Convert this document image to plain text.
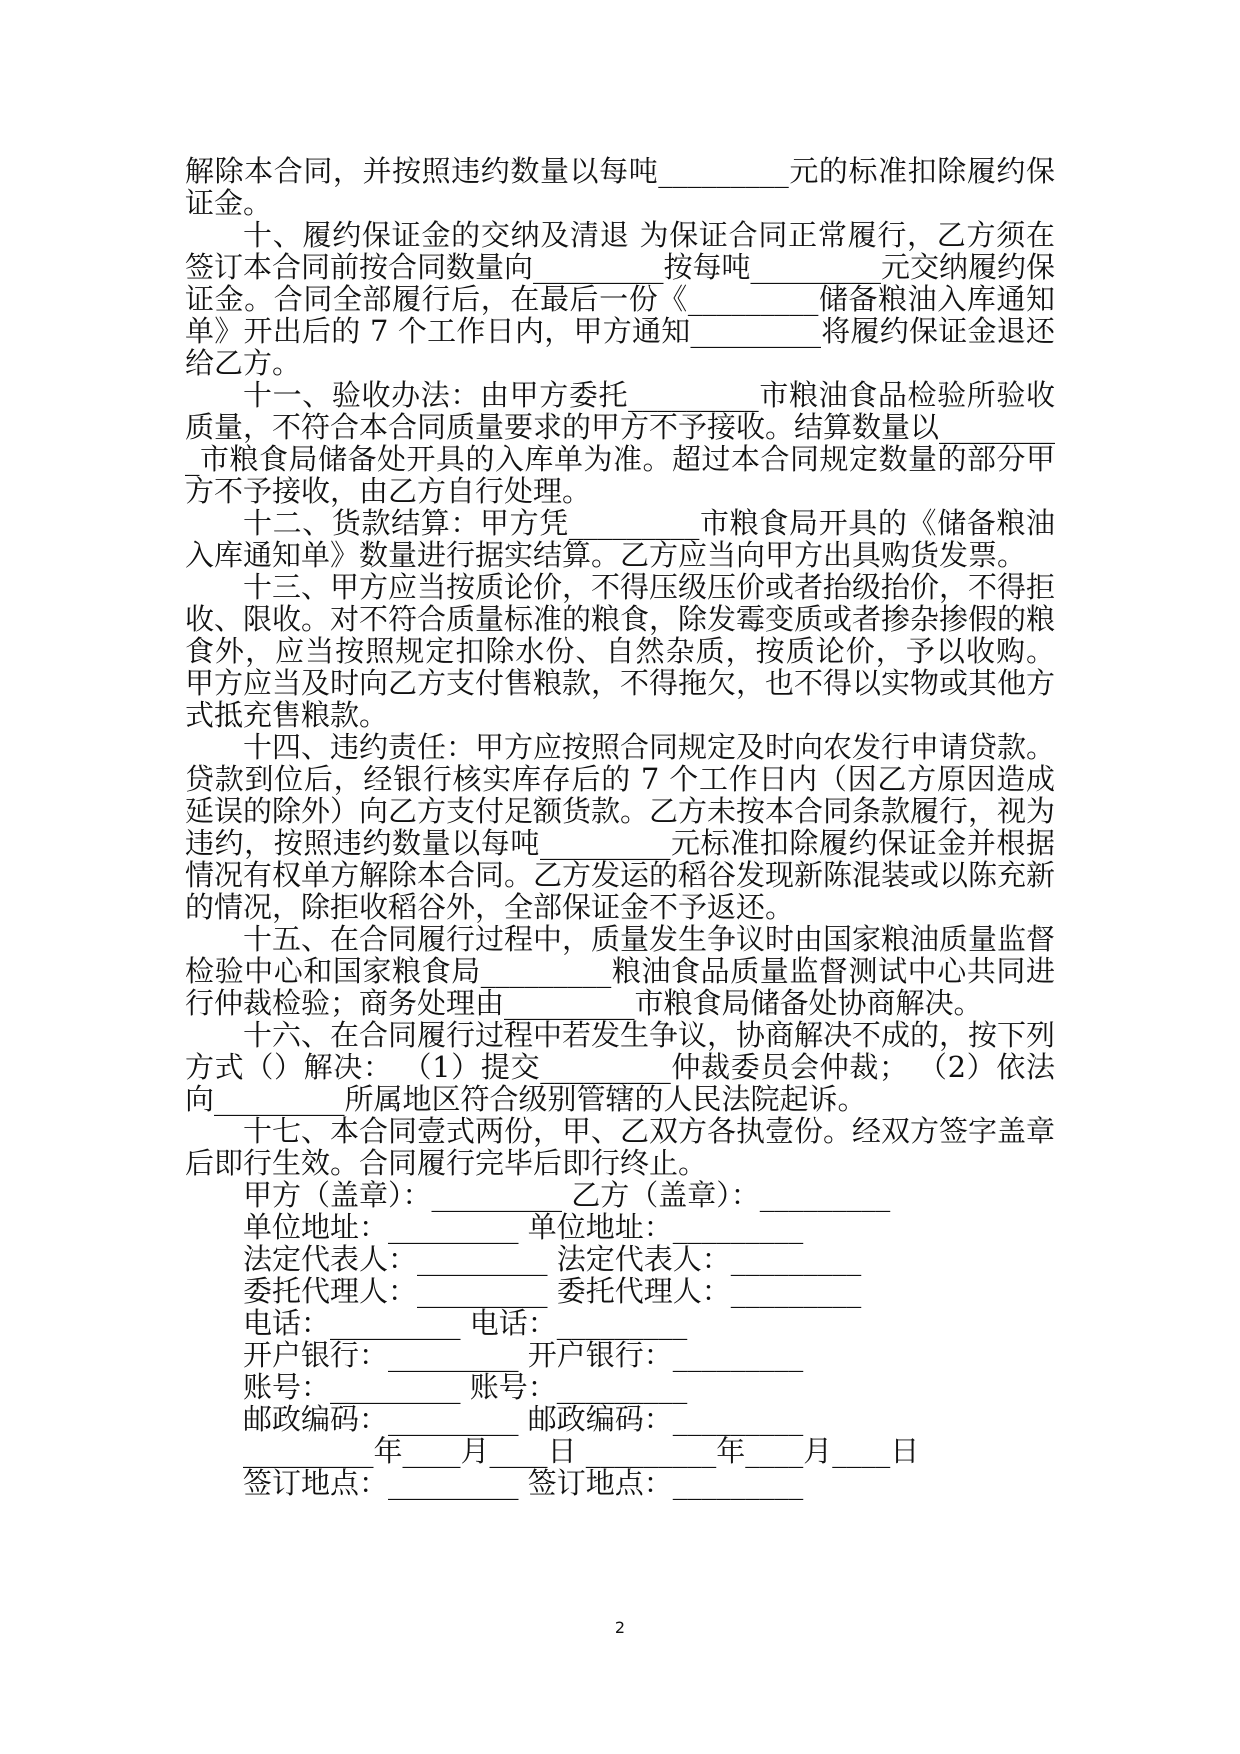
解除本合同，并按照违约数量以每吨_________元的标准扣除履约保证金。

十、履约保证金的交纳及清退 为保证合同正常履行，乙方须在签订本合同前按合同数量向_________按每吨_________元交纳履约保证金。合同全部履行后，在最后一份《_________储备粮油入库通知单》开出后的 7 个工作日内，甲方通知_________将履约保证金退还给乙方。

十一、验收办法：由甲方委托_________市粮油食品检验所验收质量，不符合本合同质量要求的甲方不予接收。结算数量以_________市粮食局储备处开具的入库单为准。超过本合同规定数量的部分甲方不予接收，由乙方自行处理。

十二、货款结算：甲方凭_________市粮食局开具的《储备粮油入库通知单》数量进行据实结算。乙方应当向甲方出具购货发票。

十三、甲方应当按质论价，不得压级压价或者抬级抬价，不得拒收、限收。对不符合质量标准的粮食，除发霉变质或者掺杂掺假的粮食外，应当按照规定扣除水份、自然杂质，按质论价，予以收购。 甲方应当及时向乙方支付售粮款，不得拖欠，也不得以实物或其他方式抵充售粮款。

十四、违约责任：甲方应按照合同规定及时向农发行申请贷款。贷款到位后，经银行核实库存后的 7 个工作日内（因乙方原因造成延误的除外）向乙方支付足额货款。乙方未按本合同条款履行，视为违约，按照违约数量以每吨_________元标准扣除履约保证金并根据情况有权单方解除本合同。乙方发运的稻谷发现新陈混装或以陈充新的情况，除拒收稻谷外，全部保证金不予返还。

十五、在合同履行过程中，质量发生争议时由国家粮油质量监督检验中心和国家粮食局_________粮油食品质量监督测试中心共同进行仲裁检验；商务处理由_________市粮食局储备处协商解决。

十六、在合同履行过程中若发生争议，协商解决不成的，按下列方式（）解决： （1）提交_________仲裁委员会仲裁； （2）依法向_________所属地区符合级别管辖的人民法院起诉。

十七、本合同壹式两份，甲、乙双方各执壹份。经双方签字盖章后即行生效。合同履行完毕后即行终止。

甲方（盖章）：_________ 乙方（盖章）：_________

单位地址：_________ 单位地址：_________

法定代表人：_________ 法定代表人：_________

委托代理人：_________ 委托代理人：_________

电话：_________ 电话：_________

开户银行：_________ 开户银行：_________

账号：_________ 账号：_________

邮政编码：_________ 邮政编码：_________

_________年____月____日 _________年____月____日

签订地点：_________ 签订地点：_________

2
